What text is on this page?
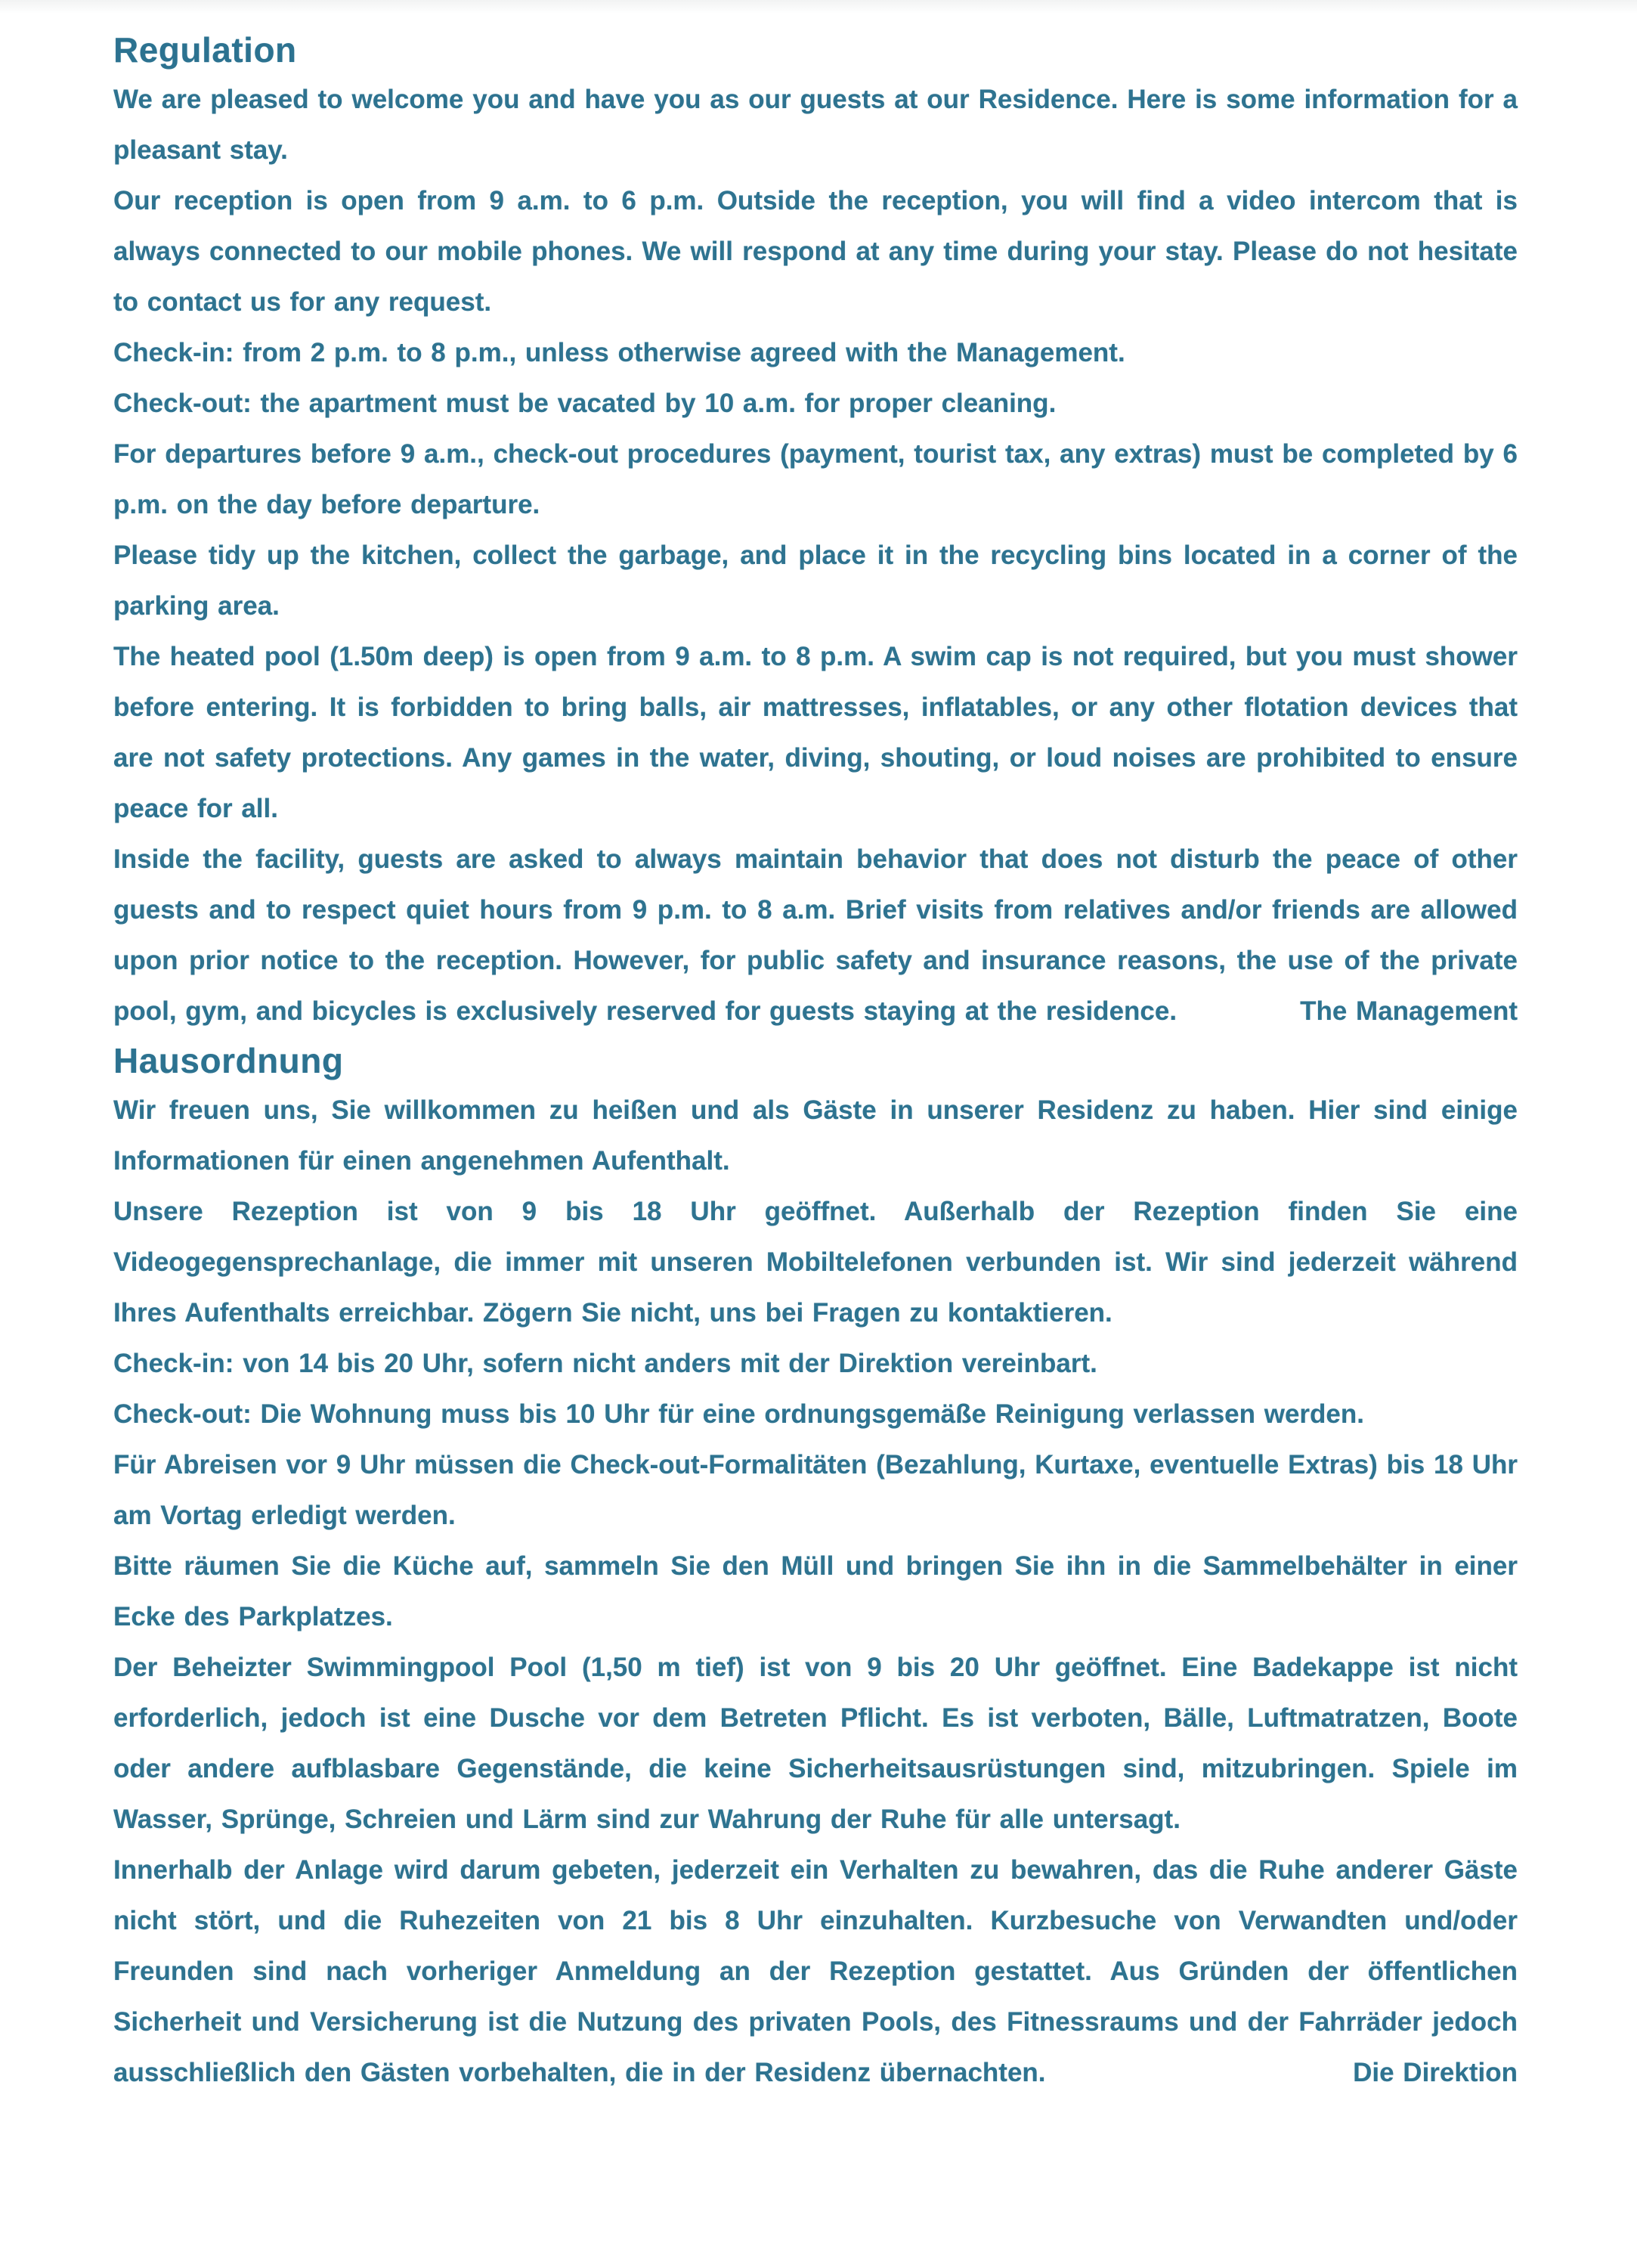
Regulation

We are pleased to welcome you and have you as our guests at our Residence. Here is some information for a pleasant stay.

Our reception is open from 9 a.m. to 6 p.m. Outside the reception, you will find a video intercom that is always connected to our mobile phones. We will respond at any time during your stay. Please do not hesitate to contact us for any request.

Check-in: from 2 p.m. to 8 p.m., unless otherwise agreed with the Management.

Check-out: the apartment must be vacated by 10 a.m. for proper cleaning.

For departures before 9 a.m., check-out procedures (payment, tourist tax, any extras) must be completed by 6 p.m. on the day before departure.

Please tidy up the kitchen, collect the garbage, and place it in the recycling bins located in a corner of the parking area.

The heated pool (1.50m deep) is open from 9 a.m. to 8 p.m. A swim cap is not required, but you must shower before entering. It is forbidden to bring balls, air mattresses, inflatables, or any other flotation devices that are not safety protections. Any games in the water, diving, shouting, or loud noises are prohibited to ensure peace for all.

Inside the facility, guests are asked to always maintain behavior that does not disturb the peace of other guests and to respect quiet hours from 9 p.m. to 8 a.m. Brief visits from relatives and/or friends are allowed upon prior notice to the reception. However, for public safety and insurance reasons, the use of the private pool, gym, and bicycles is exclusively reserved for guests staying at the residence.	The Management

Hausordnung

Wir freuen uns, Sie willkommen zu heißen und als Gäste in unserer Residenz zu haben. Hier sind einige Informationen für einen angenehmen Aufenthalt.

Unsere Rezeption ist von 9 bis 18 Uhr geöffnet. Außerhalb der Rezeption finden Sie eine Videogegensprechanlage, die immer mit unseren Mobiltelefonen verbunden ist. Wir sind jederzeit während Ihres Aufenthalts erreichbar. Zögern Sie nicht, uns bei Fragen zu kontaktieren.

Check-in: von 14 bis 20 Uhr, sofern nicht anders mit der Direktion vereinbart.

Check-out: Die Wohnung muss bis 10 Uhr für eine ordnungsgemäße Reinigung verlassen werden.

Für Abreisen vor 9 Uhr müssen die Check-out-Formalitäten (Bezahlung, Kurtaxe, eventuelle Extras) bis 18 Uhr am Vortag erledigt werden.

Bitte räumen Sie die Küche auf, sammeln Sie den Müll und bringen Sie ihn in die Sammelbehälter in einer Ecke des Parkplatzes.

Der Beheizter Swimmingpool Pool (1,50 m tief) ist von 9 bis 20 Uhr geöffnet. Eine Badekappe ist nicht erforderlich, jedoch ist eine Dusche vor dem Betreten Pflicht. Es ist verboten, Bälle, Luftmatratzen, Boote oder andere aufblasbare Gegenstände, die keine Sicherheitsausrüstungen sind, mitzubringen. Spiele im Wasser, Sprünge, Schreien und Lärm sind zur Wahrung der Ruhe für alle untersagt.

Innerhalb der Anlage wird darum gebeten, jederzeit ein Verhalten zu bewahren, das die Ruhe anderer Gäste nicht stört, und die Ruhezeiten von 21 bis 8 Uhr einzuhalten. Kurzbesuche von Verwandten und/oder Freunden sind nach vorheriger Anmeldung an der Rezeption gestattet. Aus Gründen der öffentlichen Sicherheit und Versicherung ist die Nutzung des privaten Pools, des Fitnessraums und der Fahrräder jedoch ausschließlich den Gästen vorbehalten, die in der Residenz übernachten.	Die Direktion
